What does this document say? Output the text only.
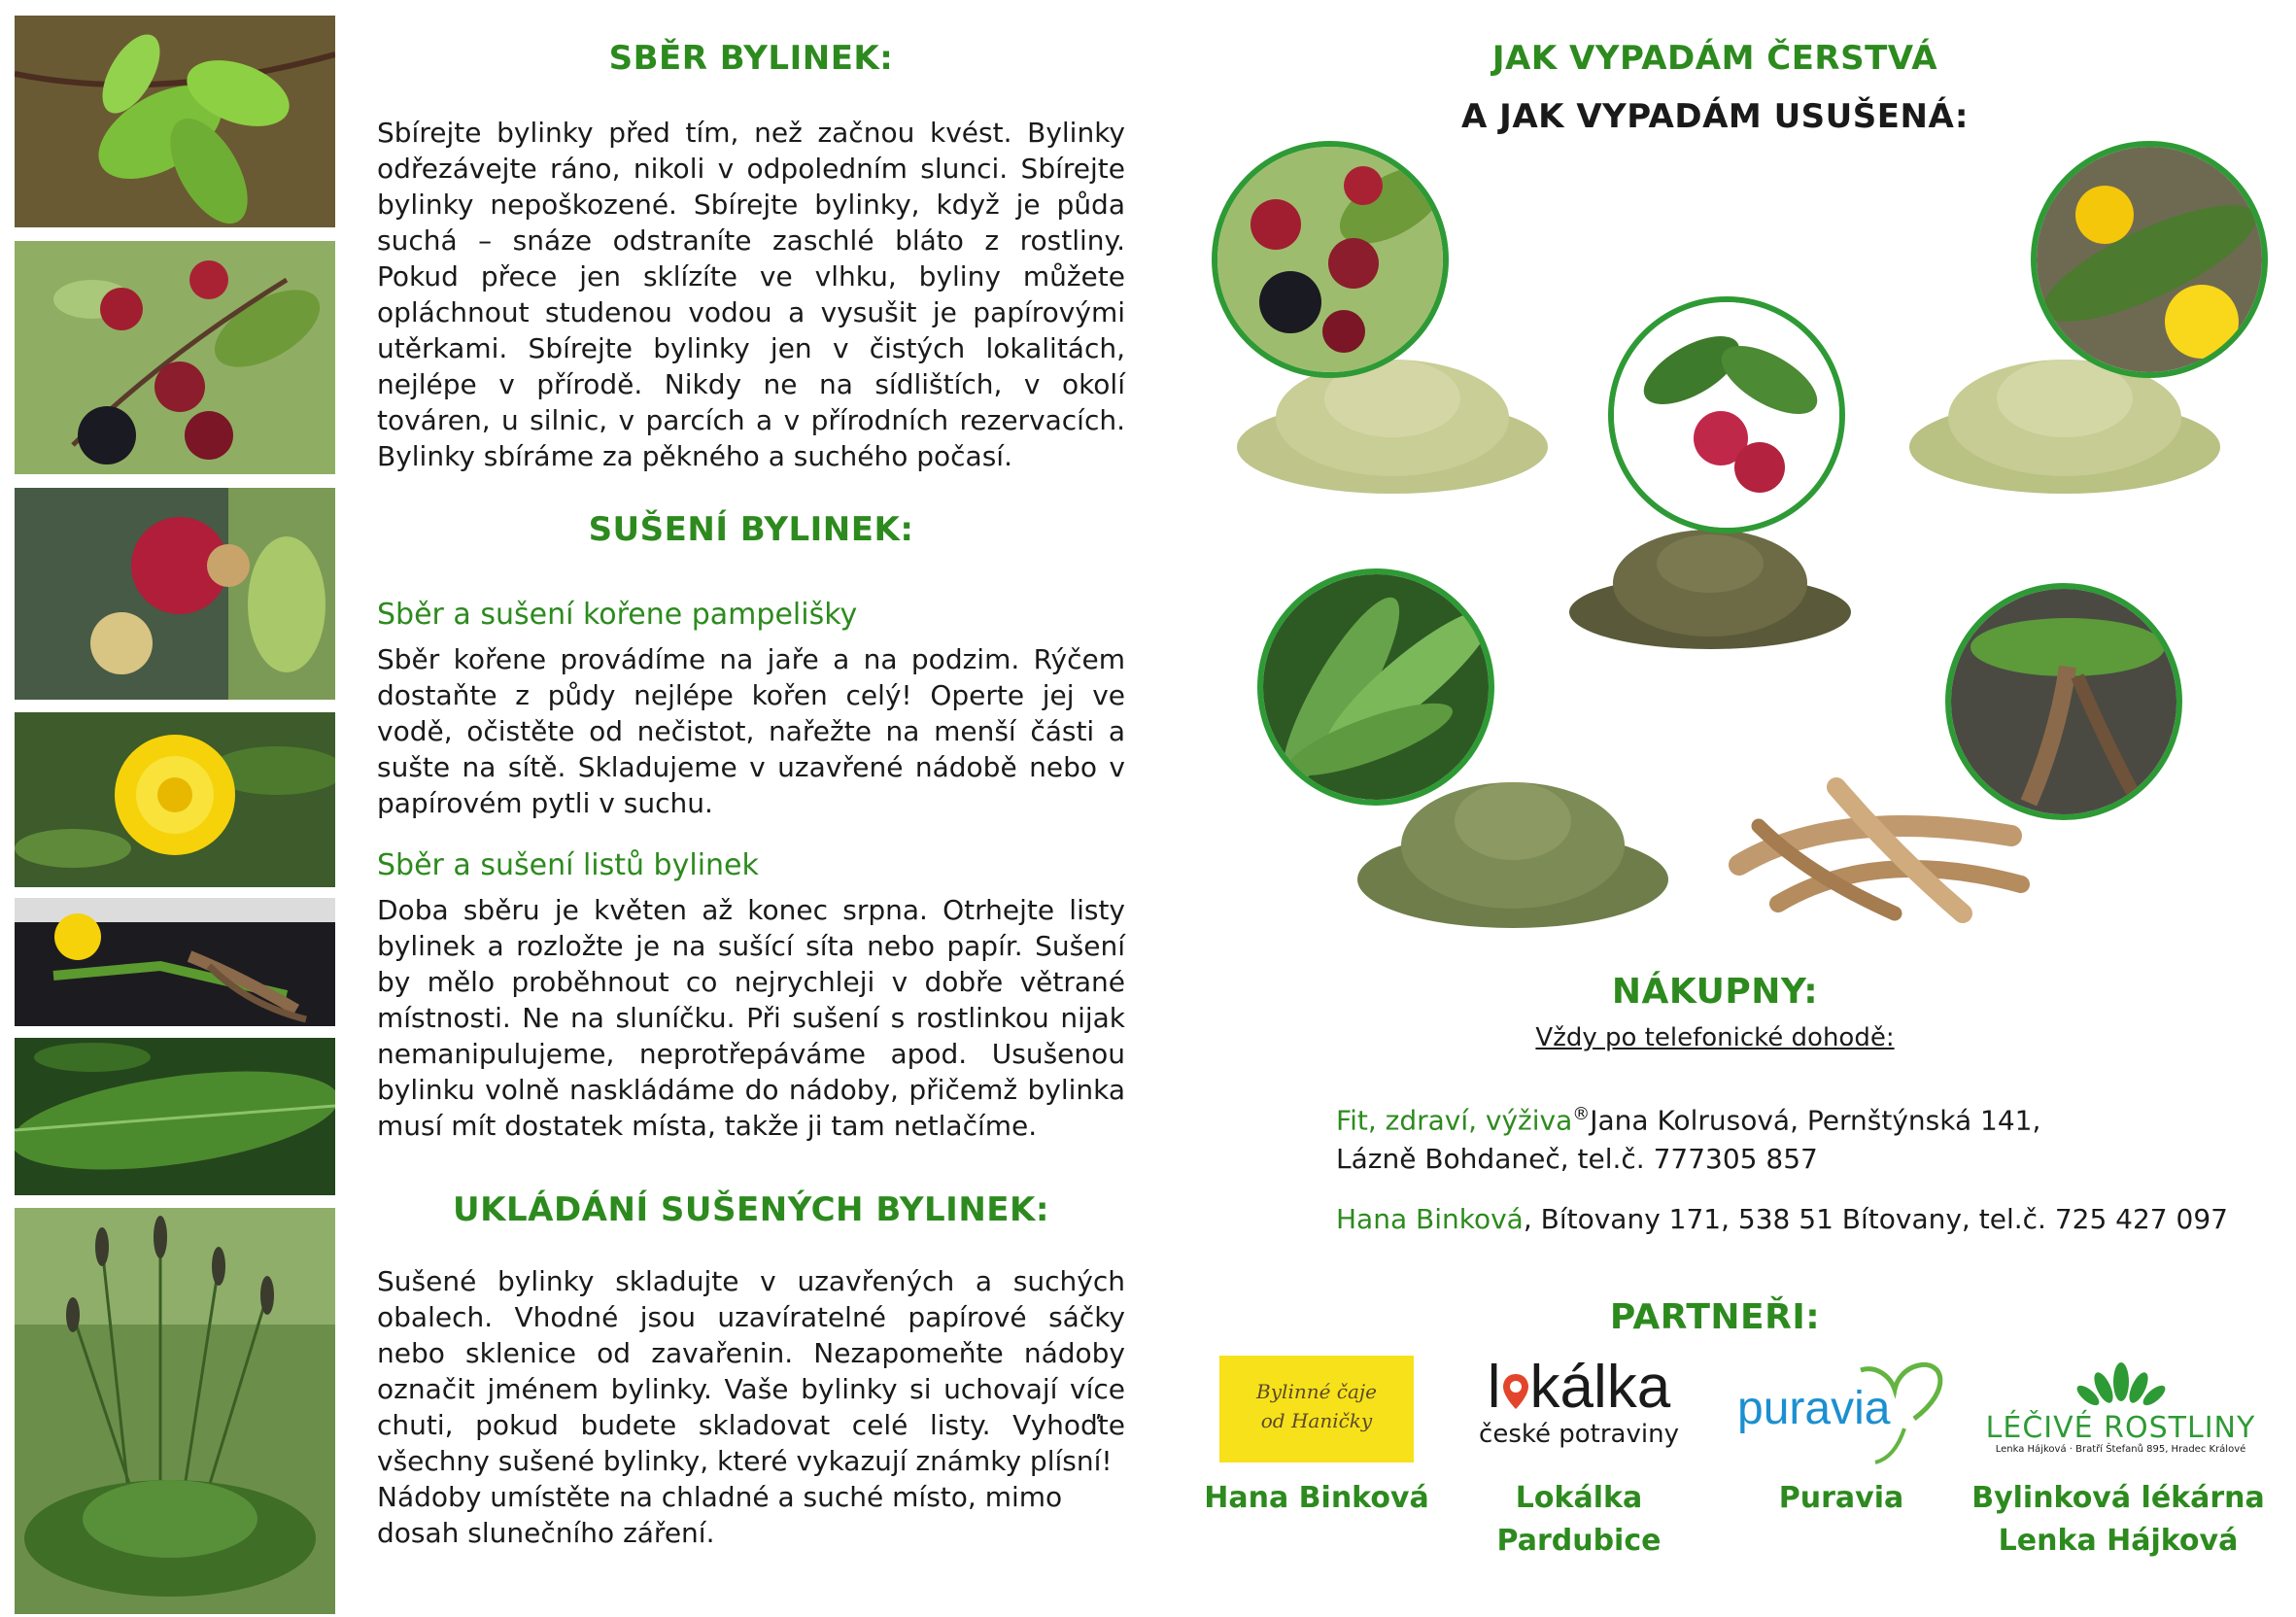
SBĚR BYLINEK:
Sbírejte bylinky před tím, než začnou kvést. Bylinky odřezávejte ráno, nikoli v odpoledním slunci. Sbírejte bylinky nepoškozené. Sbírejte bylinky, když je půda suchá – snáze odstraníte zaschlé bláto z rostliny. Pokud přece jen sklízíte ve vlhku, byliny můžete opláchnout studenou vodou a vysušit je papírovými utěrkami. Sbírejte bylinky jen v čistých lokalitách, nejlépe v přírodě. Nikdy ne na sídlištích, v okolí továren, u silnic, v parcích a v přírodních rezervacích. Bylinky sbíráme za pěkného a suchého počasí.
SUŠENÍ BYLINEK:
Sběr a sušení kořene pampelišky
Sběr kořene provádíme na jaře a na podzim. Rýčem dostaňte z půdy nejlépe kořen celý! Operte jej ve vodě, očistěte od nečistot, nařežte na menší části a sušte na sítě. Skladujeme v uzavřené nádobě nebo v papírovém pytli v suchu.
Sběr a sušení listů bylinek
Doba sběru je květen až konec srpna. Otrhejte listy bylinek a rozložte je na sušící síta nebo papír. Sušení by mělo proběhnout co nejrychleji v dobře větrané místnosti. Ne na sluníčku. Při sušení s rostlinkou nijak nemanipulujeme, neprotřepáváme apod. Usušenou bylinku volně naskládáme do nádoby, přičemž bylinka musí mít dostatek místa, takže ji tam netlačíme.
UKLÁDÁNÍ SUŠENÝCH BYLINEK:
Sušené bylinky skladujte v uzavřených a suchých obalech. Vhodné jsou uzavíratelné papírové sáčky nebo sklenice od zavařenin. Nezapomeňte nádoby označit jménem bylinky. Vaše bylinky si uchovají více chuti, pokud budete skladovat celé listy. Vyhoďte všechny sušené bylinky, které vykazují známky plísní!
Nádoby umístěte na chladné a suché místo, mimo dosah slunečního záření.
JAK VYPADÁM ČERSTVÁ
A JAK VYPADÁM USUŠENÁ:
NÁKUPNY:
Vždy po telefonické dohodě:
Fit, zdraví, výživa®Jana Kolrusová, Pernštýnská 141,
Lázně Bohdaneč, tel.č. 777305 857
Hana Binková, Bítovany 171, 538 51 Bítovany, tel.č. 725 427 097
PARTNEŘI:
Bylinné čaje
od Haničky	l kálka
české potraviny	puravia	LÉČIVÉ ROSTLINY
Lenka Hájková · Bratří Štefanů 895, Hradec Králové
Hana Binková	Lokálka
Pardubice
Puravia	Bylinková lékárna
Lenka Hájková
